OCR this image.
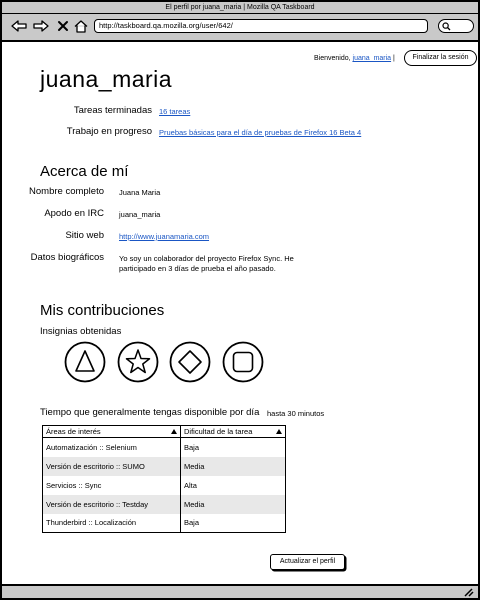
El perfil por juana_maria | Mozilla QA Taskboard
http://taskboard.qa.mozilla.org/user/642/
Bienvenido, juana_maria |	Finalizar la sesión
juana_maria
Tareas terminadas 16 tareas
Trabajo en progreso Pruebas básicas para el día de pruebas de Firefox 16 Beta 4
Acerca de mí
Nombre completo Juana Maria
Apodo en IRC juana_maria
Sitio web http://www.juanamaria.com
Datos biográficos Yo soy un colaborador del proyecto Firefox Sync. He participado en 3 días de prueba el año pasado.
Mis contribuciones
Insignias obtenidas
Tiempo que generalmente tengas disponible por día hasta 30 minutos
Áreas de interés	Dificultad de la tarea

Automatización :: Selenium	Baja
Versión de escritorio :: SUMO	Media
Servicios :: Sync	Alta
Versión de escritorio :: Testday	Media
Thunderbird :: Localización	Baja
Actualizar el perfil
